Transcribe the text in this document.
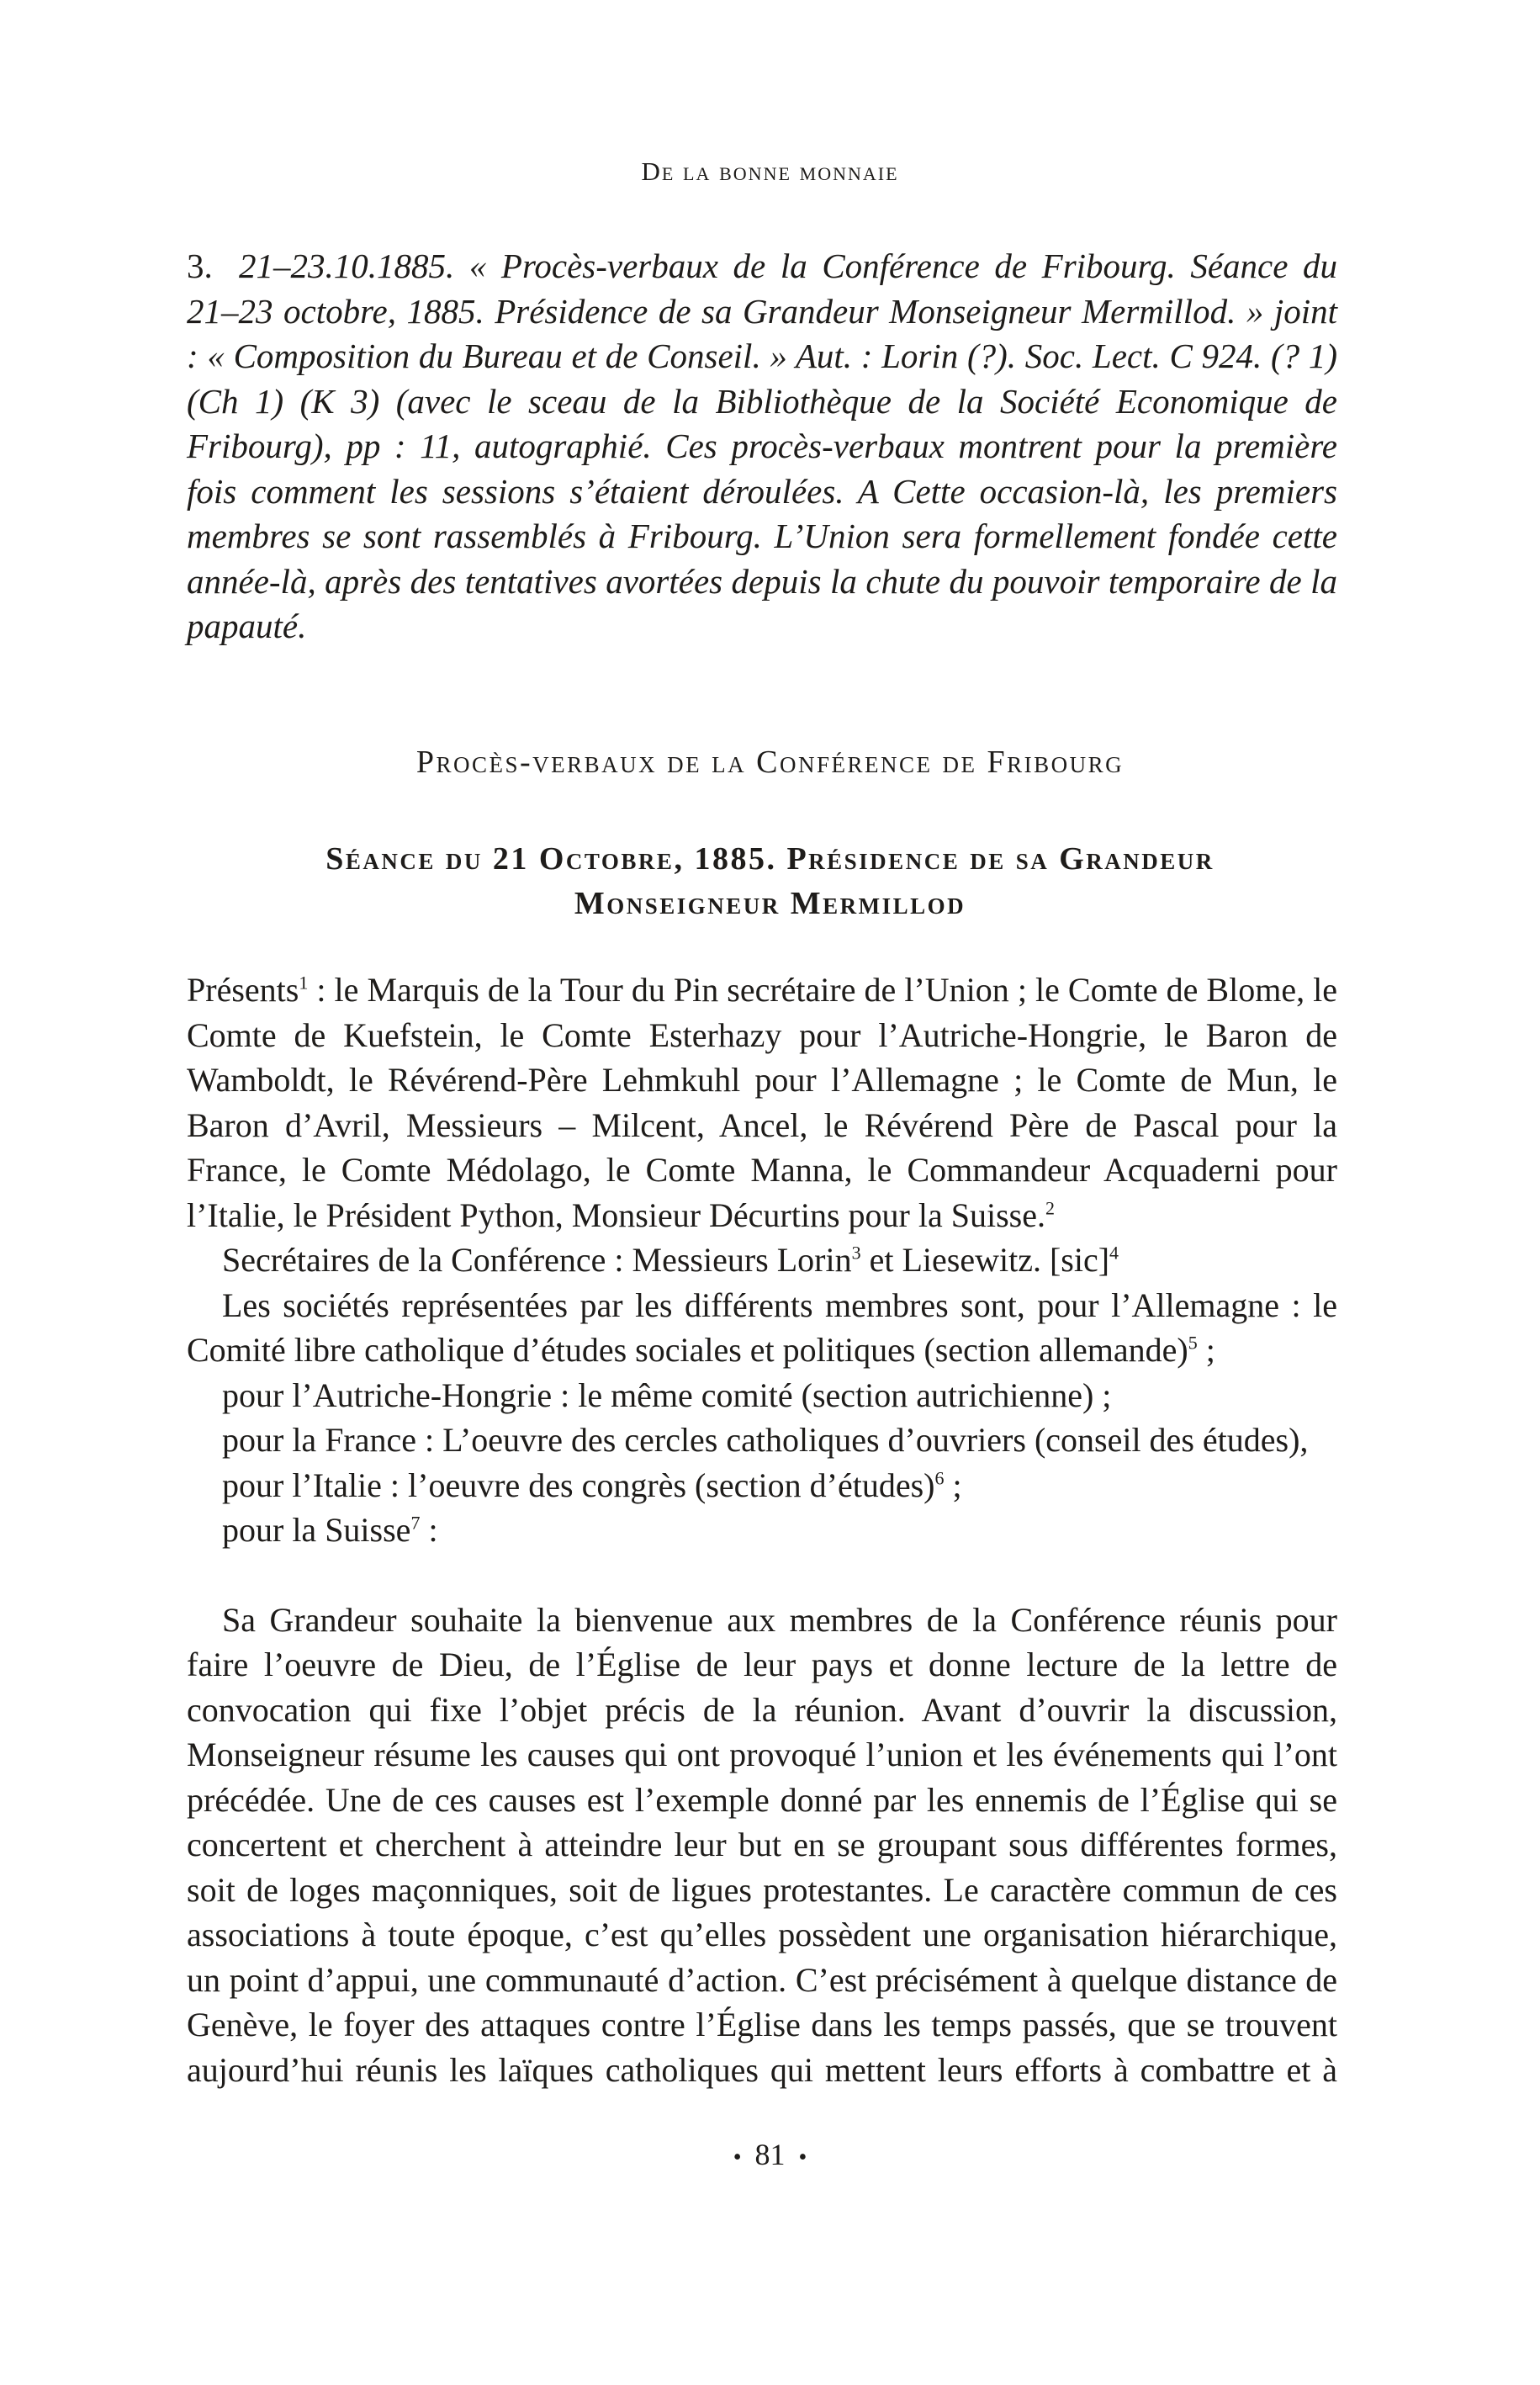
De la bonne monnaie

3. 21–23.10.1885. « Procès-verbaux de la Conférence de Fribourg. Séance du 21–23 octobre, 1885. Présidence de sa Grandeur Monseigneur Mermillod. » joint : « Composition du Bureau et de Conseil. » Aut. : Lorin (?). Soc. Lect. C 924. (? 1) (Ch 1) (K 3) (avec le sceau de la Bibliothèque de la Société Economique de Fribourg), pp : 11, autographié. Ces procès-verbaux montrent pour la première fois comment les sessions s’étaient déroulées. A Cette occasion-là, les premiers membres se sont rassemblés à Fribourg. L’Union sera formellement fondée cette année-là, après des tentatives avortées depuis la chute du pouvoir temporaire de la papauté.

Procès-verbaux de la Conférence de Fribourg
Séance du 21 Octobre, 1885. Présidence de sa Grandeur
Monseigneur Mermillod

Présents$^1$ : le Marquis de la Tour du Pin secrétaire de l’Union ; le Comte de Blome, le Comte de Kuefstein, le Comte Esterhazy pour l’Autriche-Hongrie, le Baron de Wamboldt, le Révérend-Père Lehmkuhl pour l’Allemagne ; le Comte de Mun, le Baron d’Avril, Messieurs – Milcent, Ancel, le Révérend Père de Pascal pour la France, le Comte Médolago, le Comte Manna, le Commandeur Acquaderni pour l’Italie, le Président Python, Monsieur Décurtins pour la Suisse.$^2$

Secrétaires de la Conférence : Messieurs Lorin$^3$ et Liesewitz. [sic]$^4$

Les sociétés représentées par les différents membres sont, pour l’Allemagne : le Comité libre catholique d’études sociales et politiques (section allemande)$^5$ ;

pour l’Autriche-Hongrie : le même comité (section autrichienne) ;

pour la France : L’oeuvre des cercles catholiques d’ouvriers (conseil des études),

pour l’Italie : l’oeuvre des congrès (section d’études)$^6$ ;

pour la Suisse$^7$ :

Sa Grandeur souhaite la bienvenue aux membres de la Conférence réunis pour faire l’oeuvre de Dieu, de l’Église de leur pays et donne lecture de la lettre de convocation qui fixe l’objet précis de la réunion. Avant d’ouvrir la discussion, Monseigneur résume les causes qui ont provoqué l’union et les événements qui l’ont précédée. Une de ces causes est l’exemple donné par les ennemis de l’Église qui se concertent et cherchent à atteindre leur but en se groupant sous différentes formes, soit de loges maçonniques, soit de ligues protestantes. Le caractère commun de ces associations à toute époque, c’est qu’elles possèdent une organisation hiérarchique, un point d’appui, une communauté d’action. C’est précisément à quelque distance de Genève, le foyer des attaques contre l’Église dans les temps passés, que se trouvent aujourd’hui réunis les laïques catholiques qui mettent leurs efforts à combattre et à

• 81 •
